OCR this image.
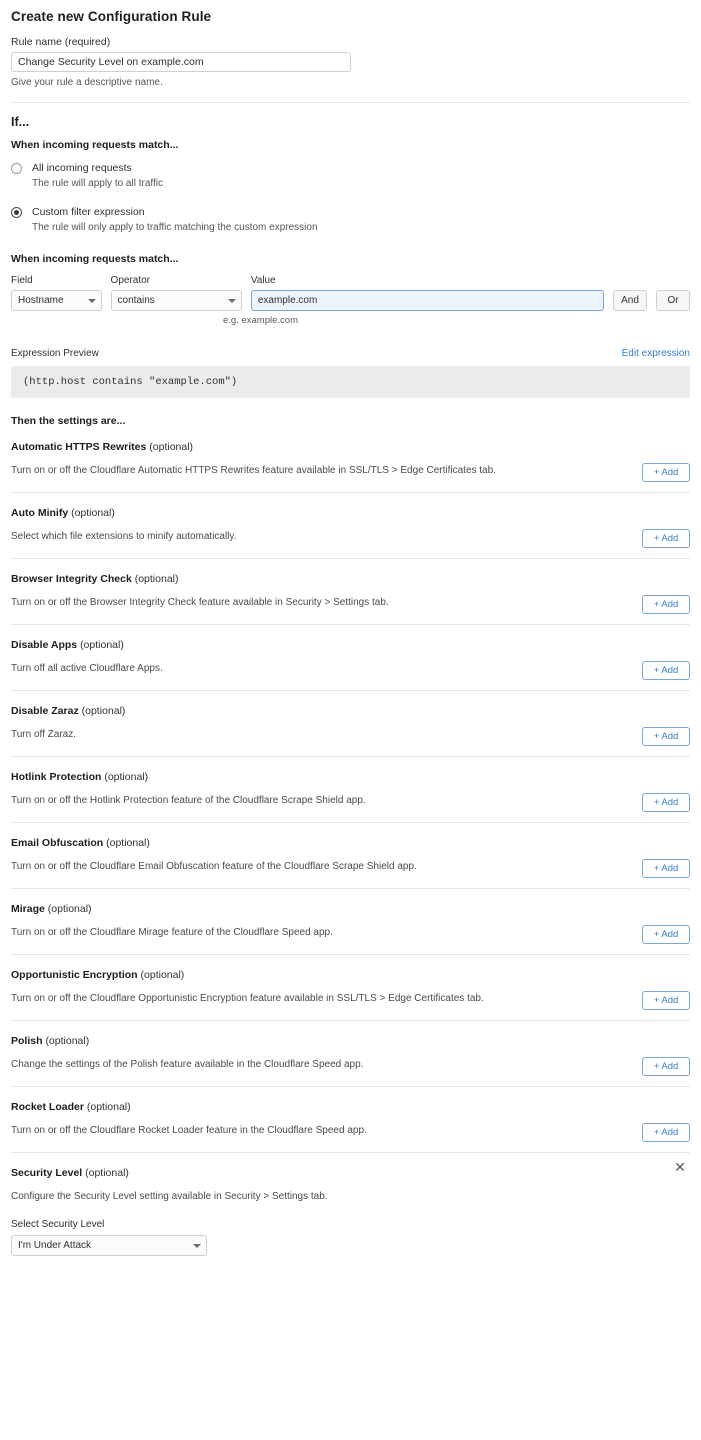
Create new Configuration Rule
Rule name (required)
Change Security Level on example.com
Give your rule a descriptive name.
If...
When incoming requests match...
All incoming requests
The rule will apply to all traffic
Custom filter expression
The rule will only apply to traffic matching the custom expression
When incoming requests match...
Field
Hostname
Operator
contains
Value
example.com
And	Or
e.g. example.com
Expression Preview	Edit expression
(http.host contains "example.com")
Then the settings are...
Automatic HTTPS Rewrites (optional)
Turn on or off the Cloudflare Automatic HTTPS Rewrites feature available in SSL/TLS > Edge Certificates tab.	+ Add
Auto Minify (optional)
Select which file extensions to minify automatically.	+ Add
Browser Integrity Check (optional)
Turn on or off the Browser Integrity Check feature available in Security > Settings tab.	+ Add
Disable Apps (optional)
Turn off all active Cloudflare Apps.	+ Add
Disable Zaraz (optional)
Turn off Zaraz.	+ Add
Hotlink Protection (optional)
Turn on or off the Hotlink Protection feature of the Cloudflare Scrape Shield app.	+ Add
Email Obfuscation (optional)
Turn on or off the Cloudflare Email Obfuscation feature of the Cloudflare Scrape Shield app.	+ Add
Mirage (optional)
Turn on or off the Cloudflare Mirage feature of the Cloudflare Speed app.	+ Add
Opportunistic Encryption (optional)
Turn on or off the Cloudflare Opportunistic Encryption feature available in SSL/TLS > Edge Certificates tab.	+ Add
Polish (optional)
Change the settings of the Polish feature available in the Cloudflare Speed app.	+ Add
Rocket Loader (optional)
Turn on or off the Cloudflare Rocket Loader feature in the Cloudflare Speed app.	+ Add
Security Level (optional)
Configure the Security Level setting available in Security > Settings tab.
✕
Select Security Level
I'm Under Attack
